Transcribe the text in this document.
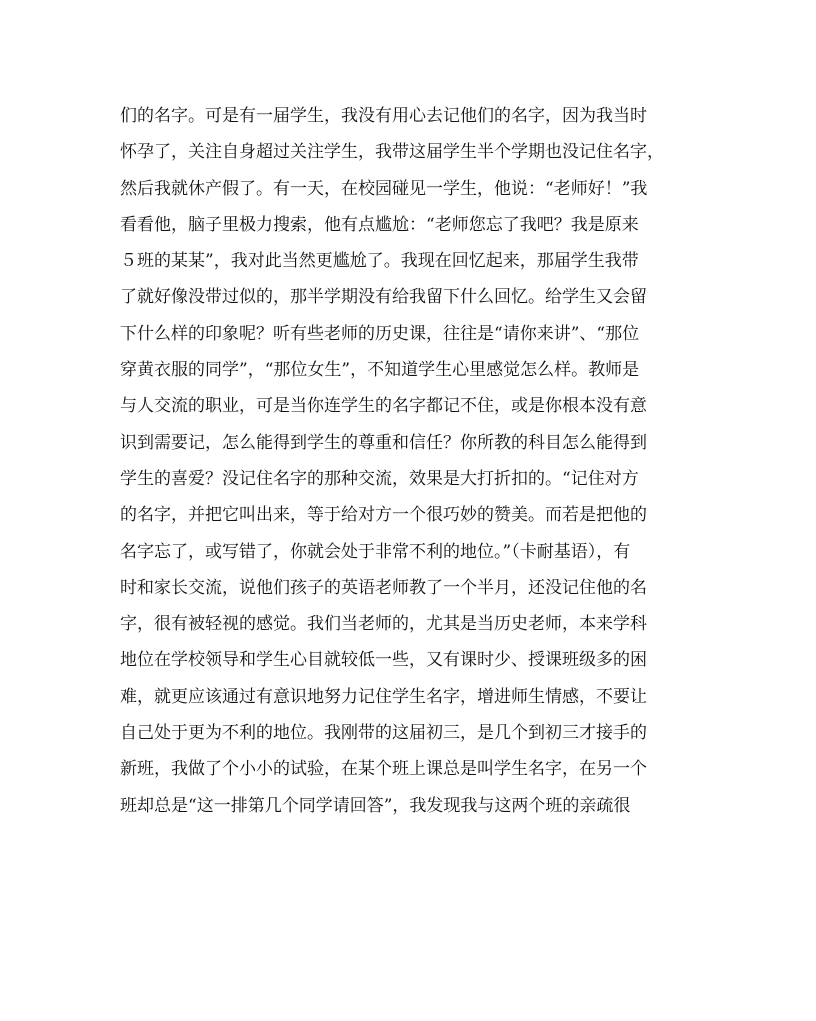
们的名字。可是有一届学生，我没有用心去记他们的名字，因为我当时
怀孕了，关注自身超过关注学生，我带这届学生半个学期也没记住名字，
然后我就休产假了。有一天，在校园碰见一学生，他说：“老师好！”我
看看他，脑子里极力搜索，他有点尴尬：“老师您忘了我吧？我是原来
５班的某某”，我对此当然更尴尬了。我现在回忆起来，那届学生我带
了就好像没带过似的，那半学期没有给我留下什么回忆。给学生又会留
下什么样的印象呢？听有些老师的历史课，往往是“请你来讲”、“那位
穿黄衣服的同学”，“那位女生”，不知道学生心里感觉怎么样。教师是
与人交流的职业，可是当你连学生的名字都记不住，或是你根本没有意
识到需要记，怎么能得到学生的尊重和信任？你所教的科目怎么能得到
学生的喜爱？没记住名字的那种交流，效果是大打折扣的。“记住对方
的名字，并把它叫出来，等于给对方一个很巧妙的赞美。而若是把他的
名字忘了，或写错了，你就会处于非常不利的地位。”（卡耐基语），有
时和家长交流，说他们孩子的英语老师教了一个半月，还没记住他的名
字，很有被轻视的感觉。我们当老师的，尤其是当历史老师，本来学科
地位在学校领导和学生心目就较低一些，又有课时少、授课班级多的困
难，就更应该通过有意识地努力记住学生名字，增进师生情感，不要让
自己处于更为不利的地位。我刚带的这届初三，是几个到初三才接手的
新班，我做了个小小的试验，在某个班上课总是叫学生名字，在另一个
班却总是“这一排第几个同学请回答”，我发现我与这两个班的亲疏很
